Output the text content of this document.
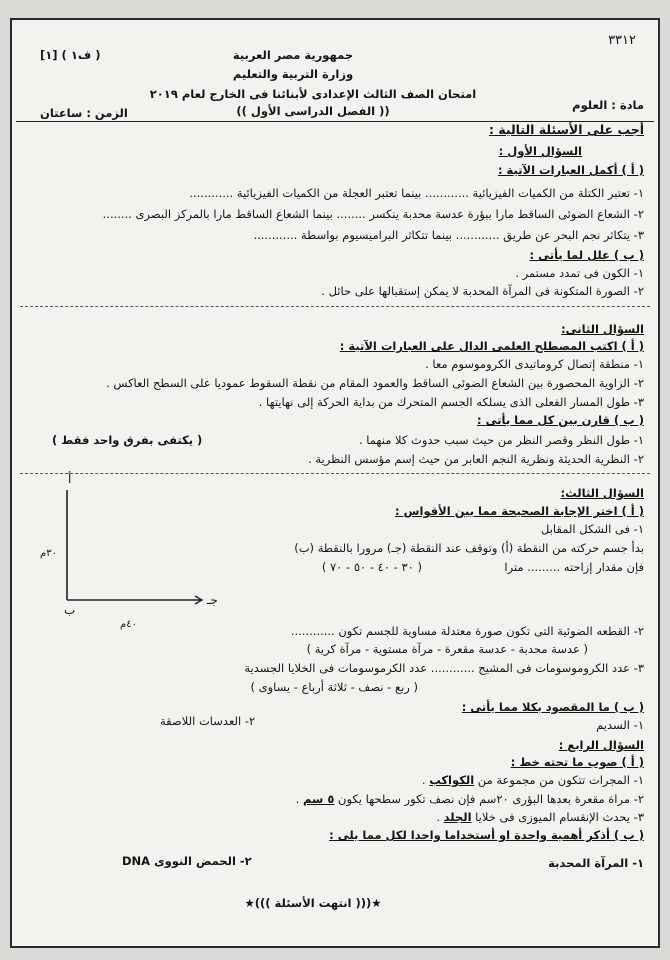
٣٣١٢
( ف١ ) [١]	جمهورية مصر العربية
وزارة التربية والتعليم
امتحان الصف الثالث الإعدادى لأبنائنا فى الخارج لعام ٢٠١٩
(( الفصل الدراسى الأول ))	مادة : العلوم
الزمن : ساعتان
أجب على الأسئلة التالية :
السؤال الأول :
( أ ) أكمل العبارات الآتية :
١- تعتبر الكتلة من الكميات الفيزيائية ............ بينما تعتبر العجلة من الكميات الفيزيائية ............
٢- الشعاع الضوئى الساقط مارا ببؤرة عدسة محدبة ينكسر ........ بينما الشعاع الساقط مارا بالمركز البصرى ........
٣- يتكاثر نجم البحر عن طريق ............ بينما تتكاثر البراميسيوم بواسطة ............
( ب ) علل لما يأتى :
١- الكون فى تمدد مستمر .
٢- الصورة المتكونة فى المرآة المحدبة لا يمكن إستقبالها على حائل .
السؤال الثانى:
( أ ) اكتب المصطلح العلمى الدال على العبارات الآتية :
١- منطقة إتصال كروماتيدى الكروموسوم معا .
٢- الزاوية المحصورة بين الشعاع الضوئى الساقط والعمود المقام من نقطة السقوط عموديا على السطح العاكس .
٣- طول المسار الفعلى الذى يسلكه الجسم المتحرك من بداية الحركة إلى نهايتها .
( ب ) قارن بين كل مما يأتى :
١- طول النظر وقصر النظر من حيث سبب حدوث كلا منهما .
( يكتفى بفرق واحد فقط )
٢- النظرية الحديثة ونظرية النجم العابر من حيث إسم مؤسس النظرية .
السؤال الثالث:
( أ ) اختر الإجابة الصحيحة مما بين الأقواس :
١- فى الشكل المقابل
بدأ جسم حركته من النقطة (أ) وتوقف عند النقطة (جـ) مرورا بالنقطة (ب)
فإن مقدار إزاحته ......... مترا
( ٣٠ - ٤٠ - ٥٠ - ٧٠ )
أ
ب
جـ
٣٠م
٤٠م	٢- القطعه الضوئية التى تكون صورة معتدلة مساوية للجسم تكون ............
( عدسة محدبة - عدسة مقعرة - مرآة مستوية - مرآة كرية )
٣- عدد الكروموسومات فى المشيج ............ عدد الكرموسومات فى الخلايا الجسدية
( ربع - نصف - ثلاثة أرباع - يساوى )
( ب ) ما المقصود بكلا مما يأتى :
١- السديم
٢- العدسات اللاصقة
السؤال الرابع :
( أ ) صوب ما تحته خط :
١- المجرات تتكون من مجموعة من الكواكب .
٢- مراة مقعرة بعدها البؤرى ٢٠سم فإن نصف تكور سطحها يكون ٥ سم .
٣- يحدث الإنقسام الميوزى فى خلايا الجلد .
( ب ) أذكر أهمية واحدة او أستخداما واحدا لكل مما يلى :
١- المرآة المحدبة
٢- الحمض النووى DNA
★((( انتهت الأسئلة )))★
